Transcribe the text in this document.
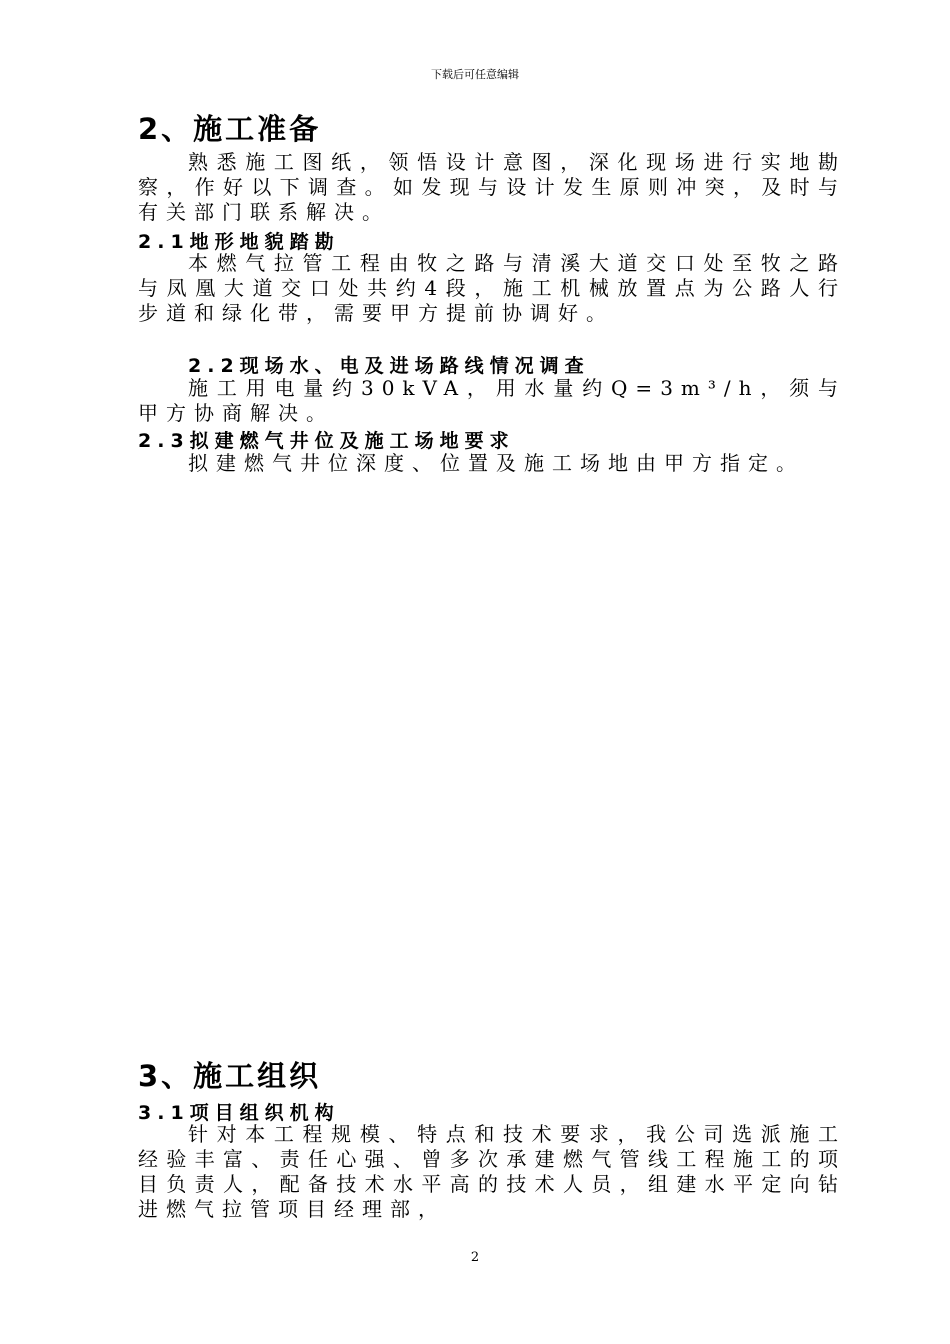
下载后可任意编辑
2、施工准备
熟悉施工图纸，领悟设计意图，深化现场进行实地勘察，作好以下调查。如发现与设计发生原则冲突，及时与有关部门联系解决。
2.1地形地貌踏勘
本燃气拉管工程由牧之路与清溪大道交口处至牧之路与凤凰大道交口处共约4段，施工机械放置点为公路人行步道和绿化带，需要甲方提前协调好。
2.2现场水、电及进场路线情况调查
施工用电量约30kVA，用水量约Q=3m³/h，须与甲方协商解决。
2.3拟建燃气井位及施工场地要求
拟建燃气井位深度、位置及施工场地由甲方指定。
3、施工组织
3.1项目组织机构
针对本工程规模、特点和技术要求，我公司选派施工经验丰富、责任心强、曾多次承建燃气管线工程施工的项目负责人，配备技术水平高的技术人员，组建水平定向钻进燃气拉管项目经理部，
2
